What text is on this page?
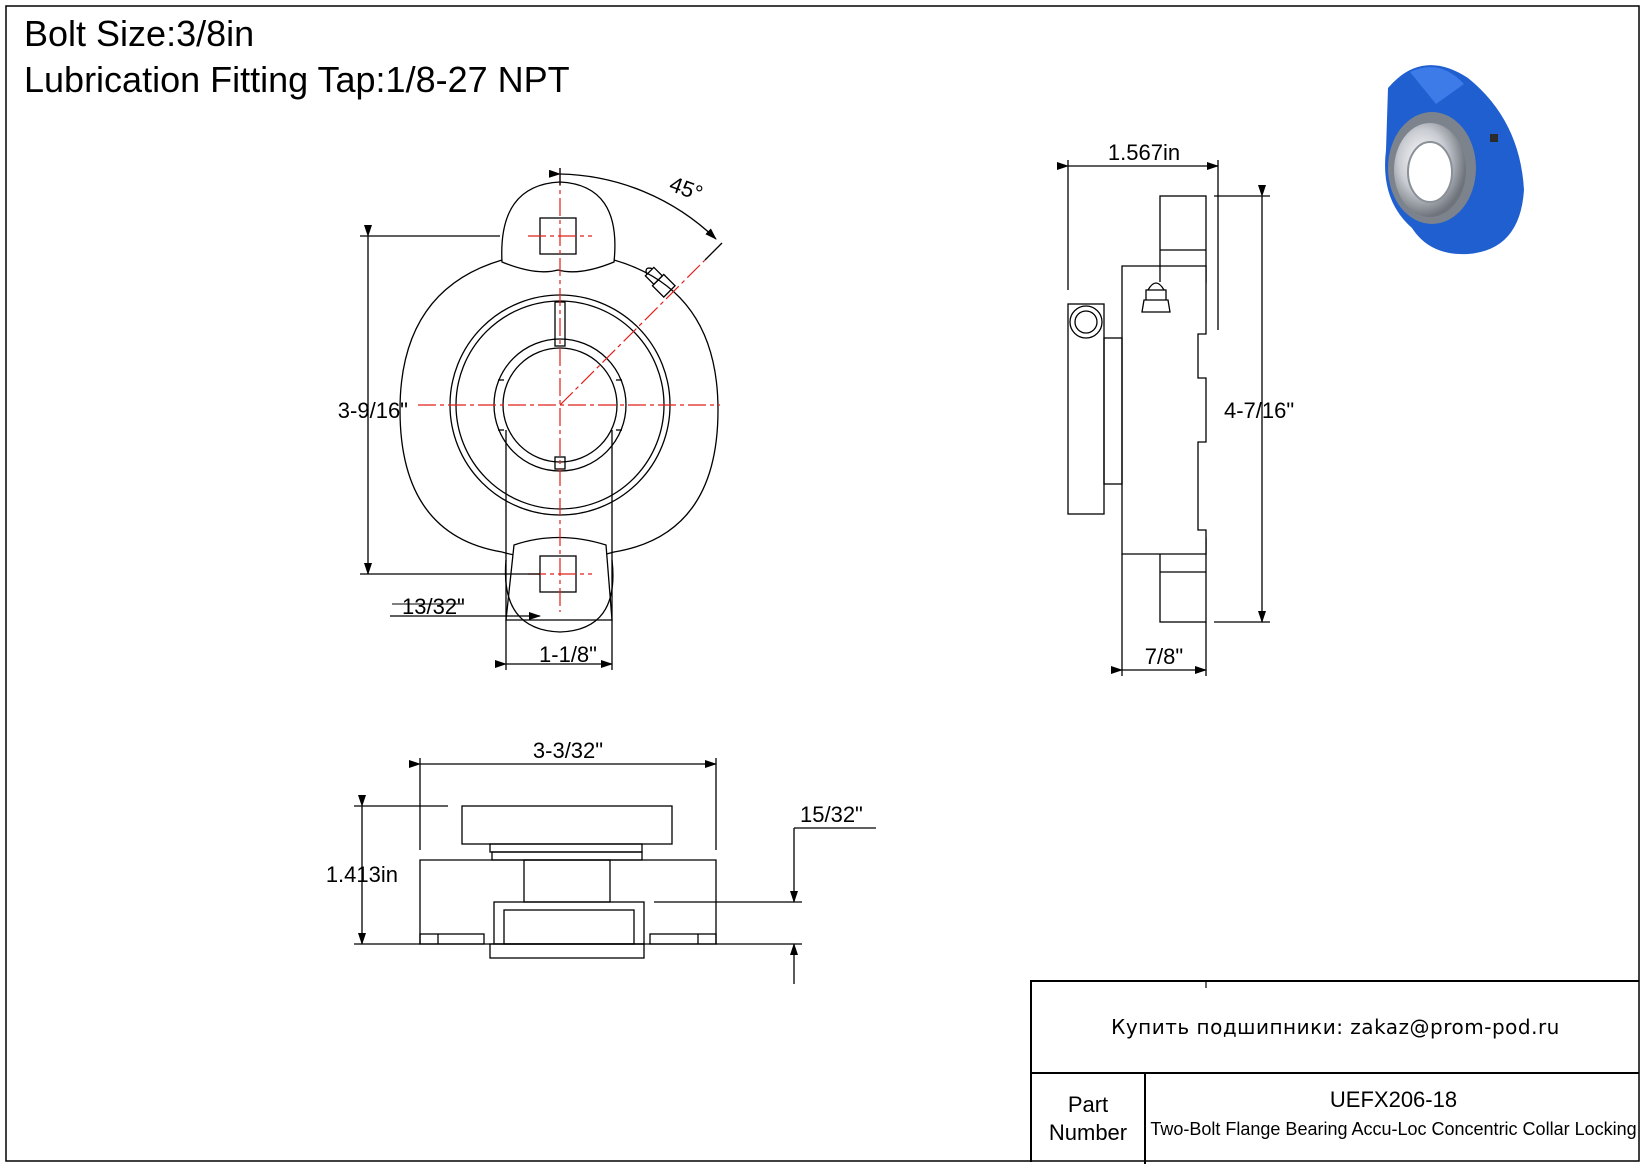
Bolt Size:3/8in
Lubrication Fitting Tap:1/8-27 NPT
45°
3-9/16"
13/32"
1-1/8"
1.567in
4-7/16"
7/8"
3-3/32"
1.413in
15/32"
Купить подшипники: zakaz@prom-pod.ru
Part
Number
UEFX206-18
Two-Bolt Flange Bearing Accu-Loc Concentric Collar Locking
